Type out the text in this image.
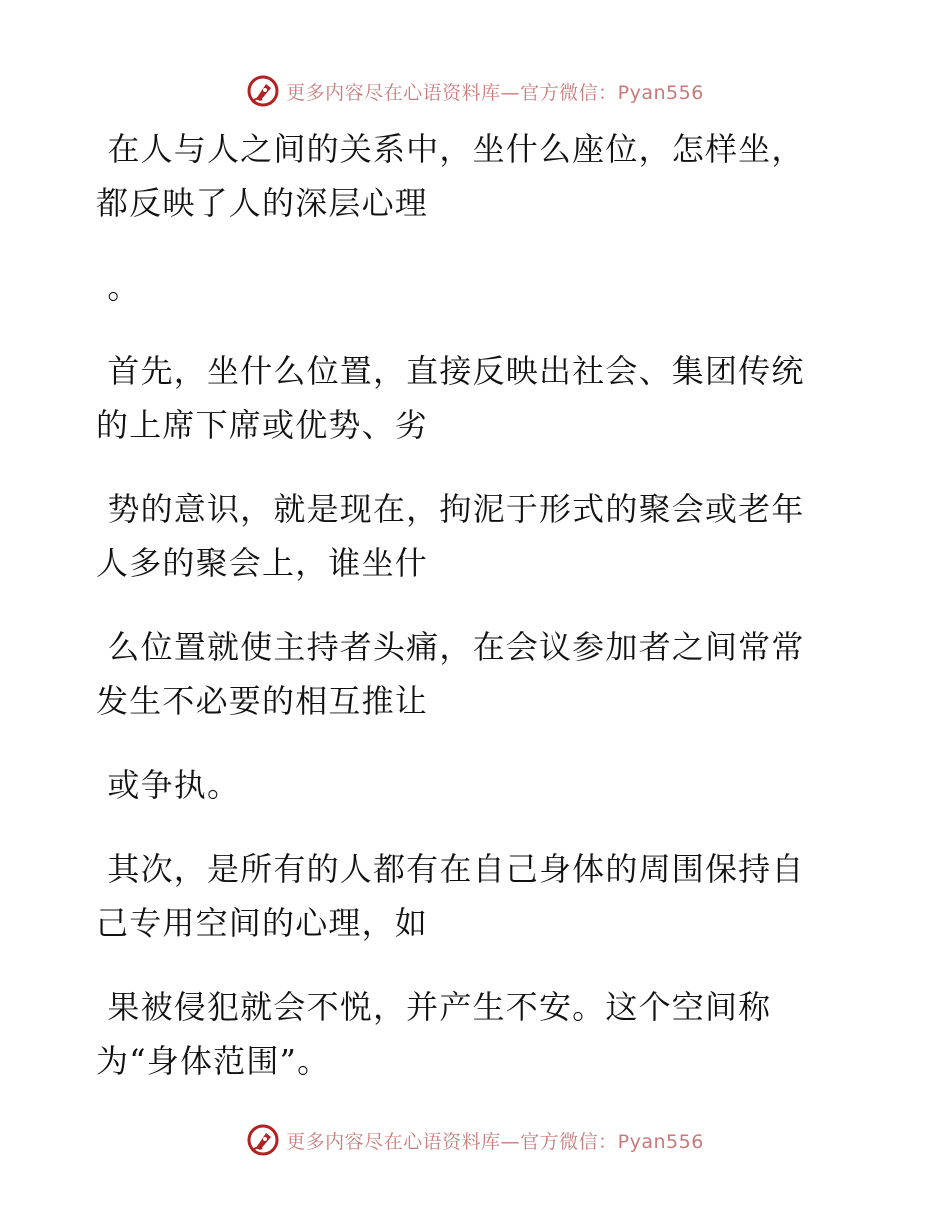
更多内容尽在心语资料库—官方微信：Pyan556

在人与人之间的关系中，坐什么座位，怎样坐，
都反映了人的深层心理

。

首先，坐什么位置，直接反映出社会、集团传统
的上席下席或优势、劣

势的意识，就是现在，拘泥于形式的聚会或老年
人多的聚会上，谁坐什

么位置就使主持者头痛，在会议参加者之间常常
发生不必要的相互推让

或争执。

其次，是所有的人都有在自己身体的周围保持自
己专用空间的心理，如

果被侵犯就会不悦，并产生不安。这个空间称
为“身体范围”。

更多内容尽在心语资料库—官方微信：Pyan556
